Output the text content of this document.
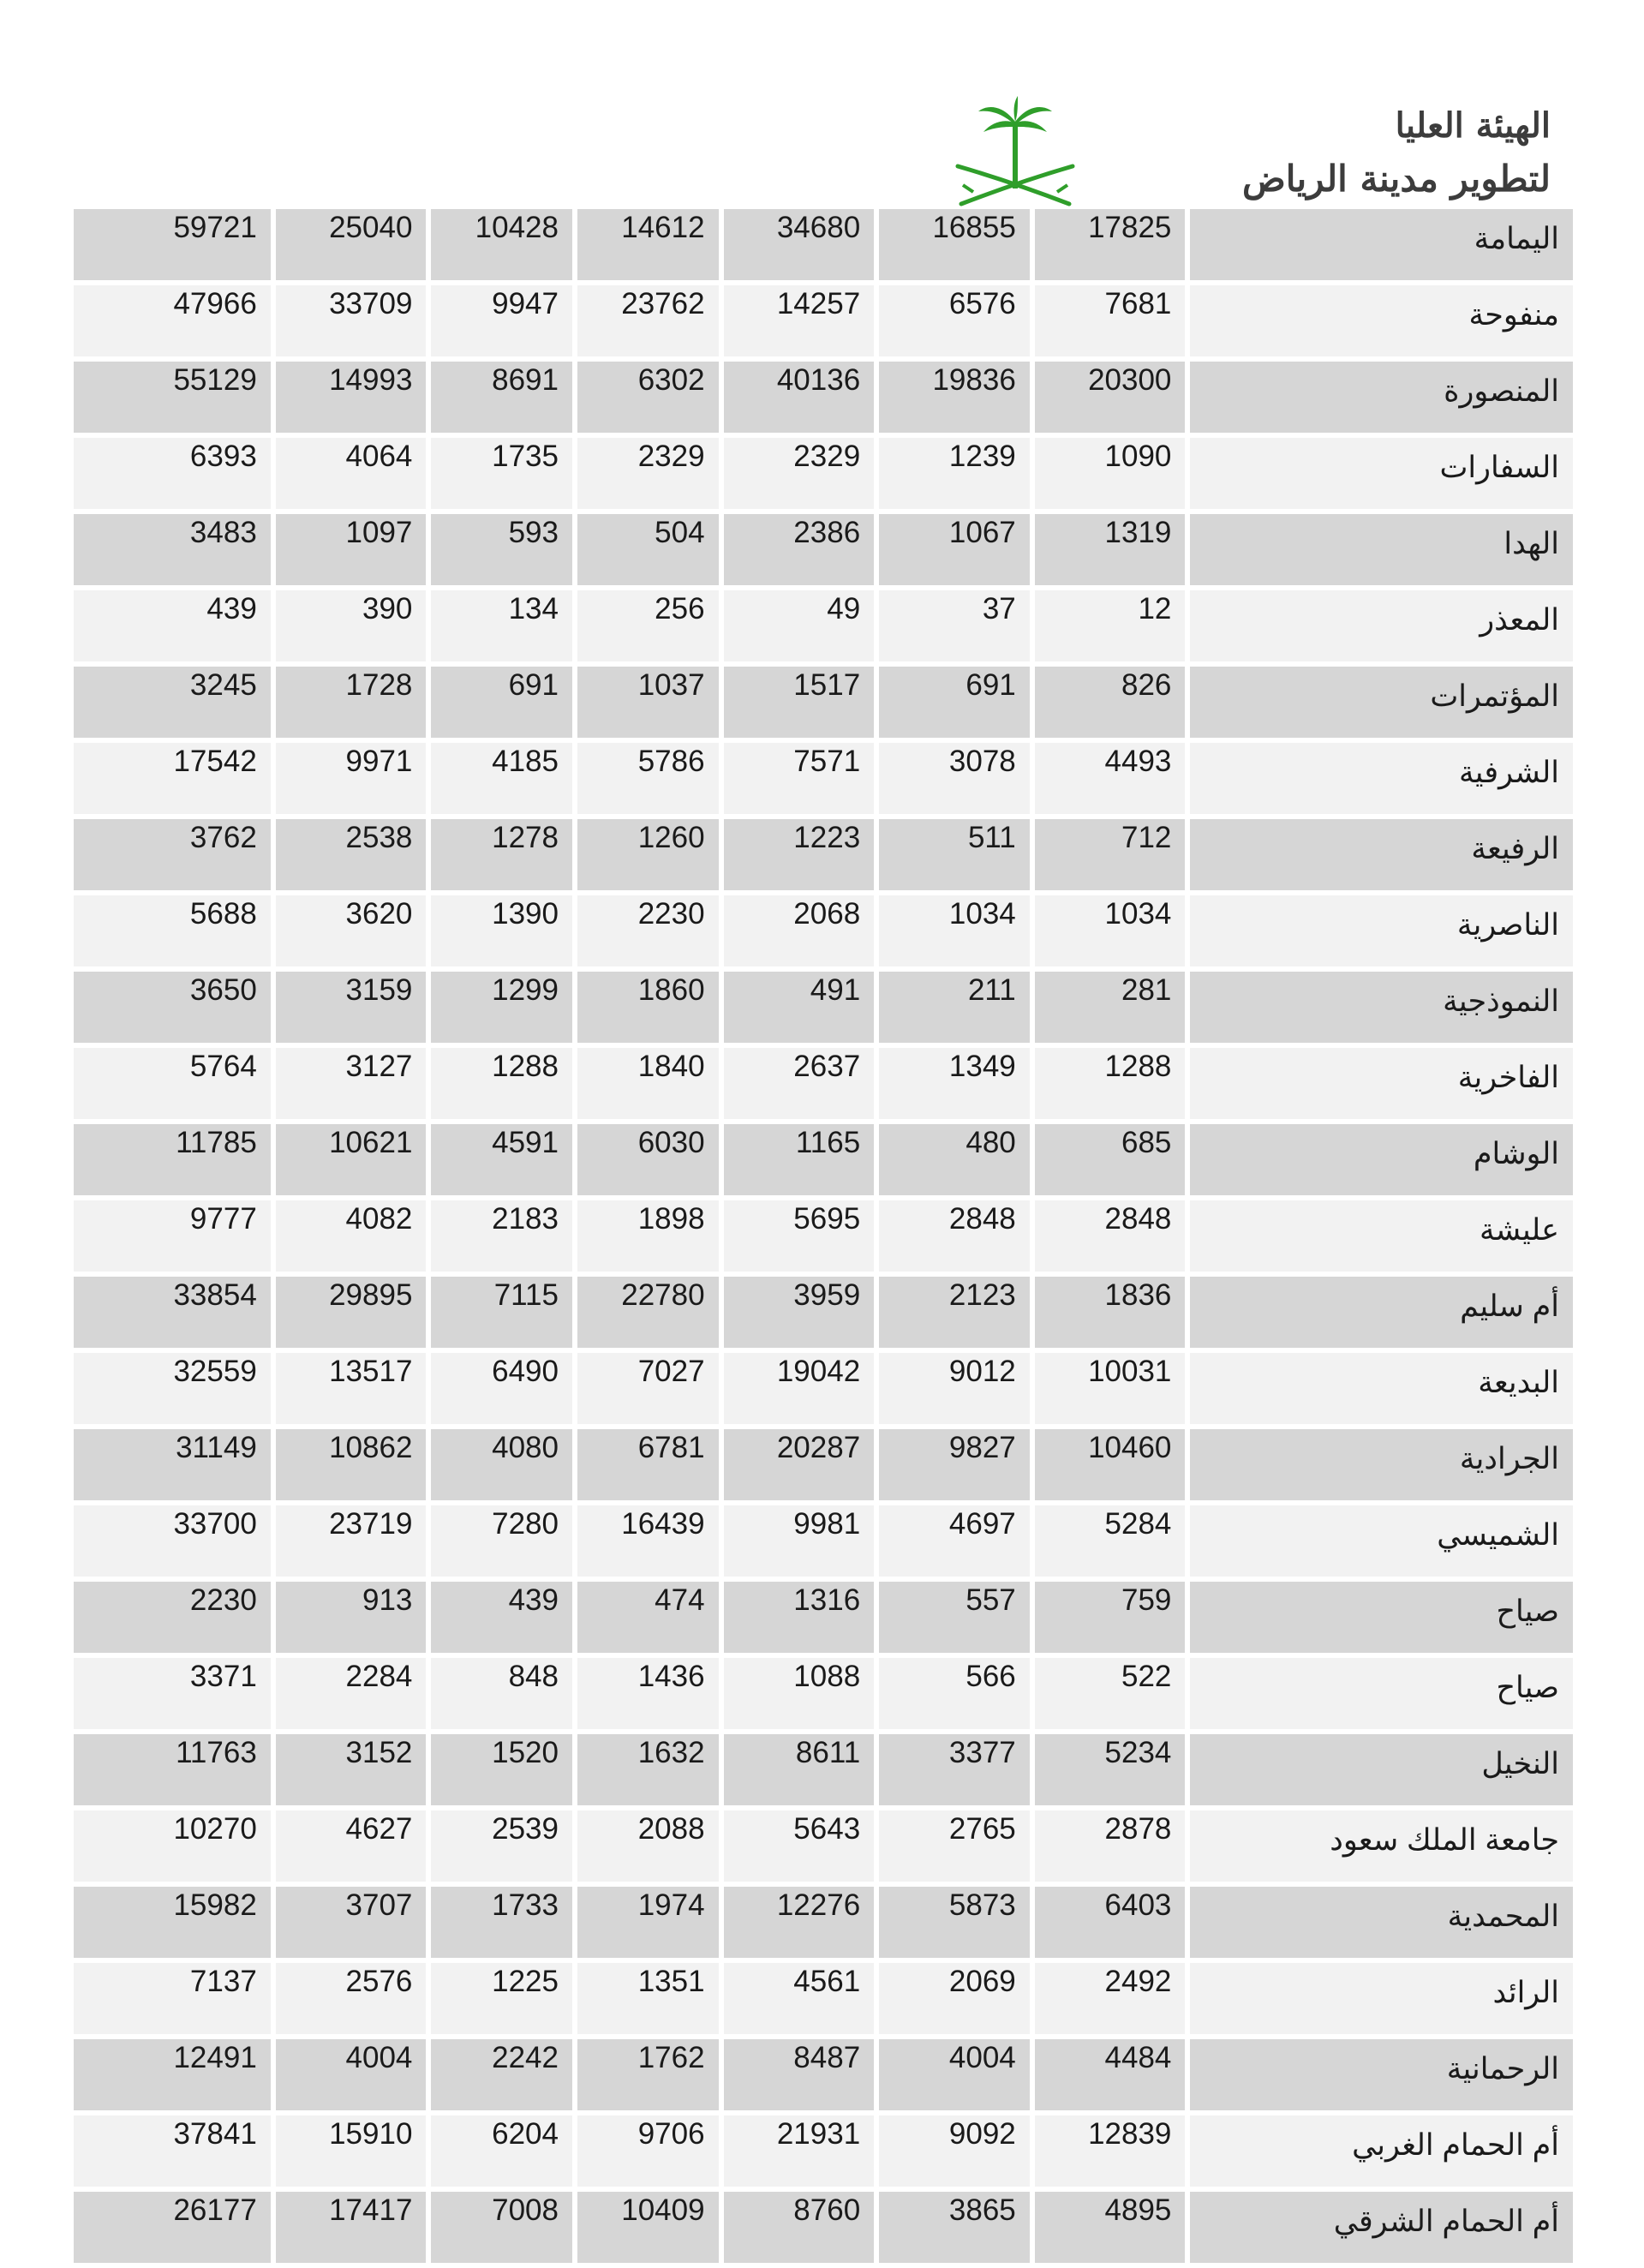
الهيئة العليا
لتطوير مدينة الرياض
59721	25040	10428	14612	34680	16855	17825	اليمامة
47966	33709	9947	23762	14257	6576	7681	منفوحة
55129	14993	8691	6302	40136	19836	20300	المنصورة
6393	4064	1735	2329	2329	1239	1090	السفارات
3483	1097	593	504	2386	1067	1319	الهدا
439	390	134	256	49	37	12	المعذر
3245	1728	691	1037	1517	691	826	المؤتمرات
17542	9971	4185	5786	7571	3078	4493	الشرفية
3762	2538	1278	1260	1223	511	712	الرفيعة
5688	3620	1390	2230	2068	1034	1034	الناصرية
3650	3159	1299	1860	491	211	281	النموذجية
5764	3127	1288	1840	2637	1349	1288	الفاخرية
11785	10621	4591	6030	1165	480	685	الوشام
9777	4082	2183	1898	5695	2848	2848	عليشة
33854	29895	7115	22780	3959	2123	1836	أم سليم
32559	13517	6490	7027	19042	9012	10031	البديعة
31149	10862	4080	6781	20287	9827	10460	الجرادية
33700	23719	7280	16439	9981	4697	5284	الشميسي
2230	913	439	474	1316	557	759	صياح
3371	2284	848	1436	1088	566	522	صياح
11763	3152	1520	1632	8611	3377	5234	النخيل
10270	4627	2539	2088	5643	2765	2878	جامعة الملك سعود
15982	3707	1733	1974	12276	5873	6403	المحمدية
7137	2576	1225	1351	4561	2069	2492	الرائد
12491	4004	2242	1762	8487	4004	4484	الرحمانية
37841	15910	6204	9706	21931	9092	12839	أم الحمام الغربي
26177	17417	7008	10409	8760	3865	4895	أم الحمام الشرقي
